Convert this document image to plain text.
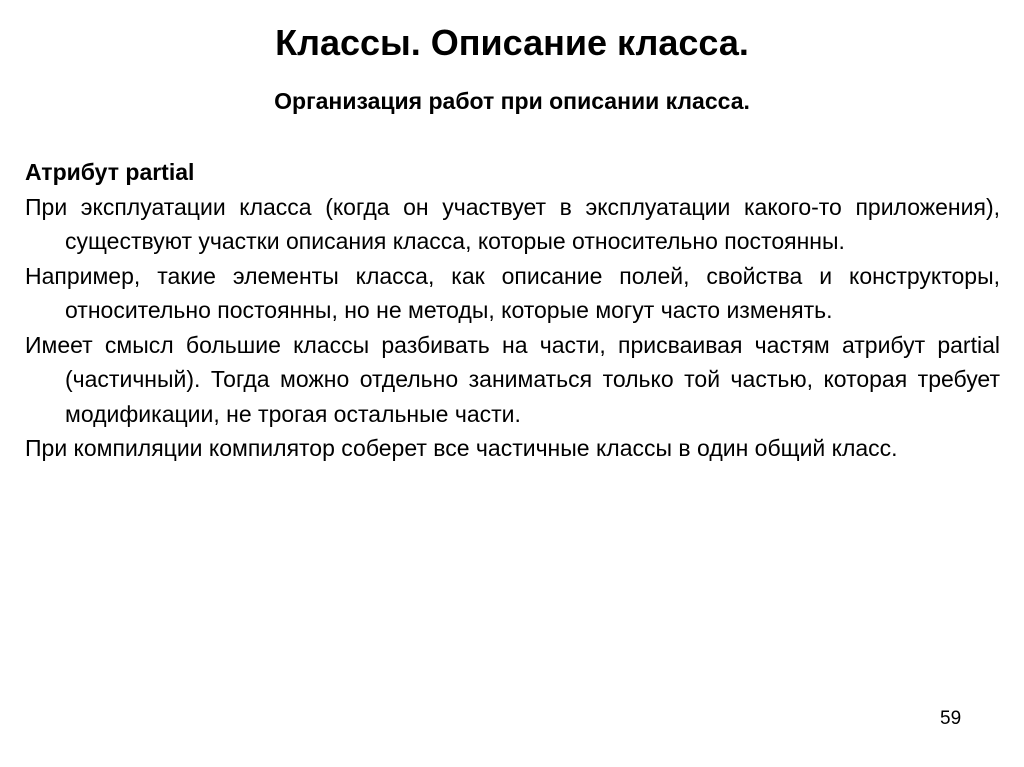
Классы. Описание класса.
Организация работ при описании класса.
Атрибут partial
При эксплуатации класса (когда он участвует в эксплуатации какого-то приложения), существуют участки описания класса, которые относительно постоянны.
Например, такие элементы класса, как описание полей, свойства и конструкторы, относительно постоянны, но не методы, которые могут часто изменять.
Имеет смысл большие классы разбивать на части, присваивая частям атрибут partial (частичный). Тогда можно отдельно заниматься только той частью, которая требует модификации, не трогая остальные части.
При компиляции компилятор соберет все частичные классы в один общий класс.
59
